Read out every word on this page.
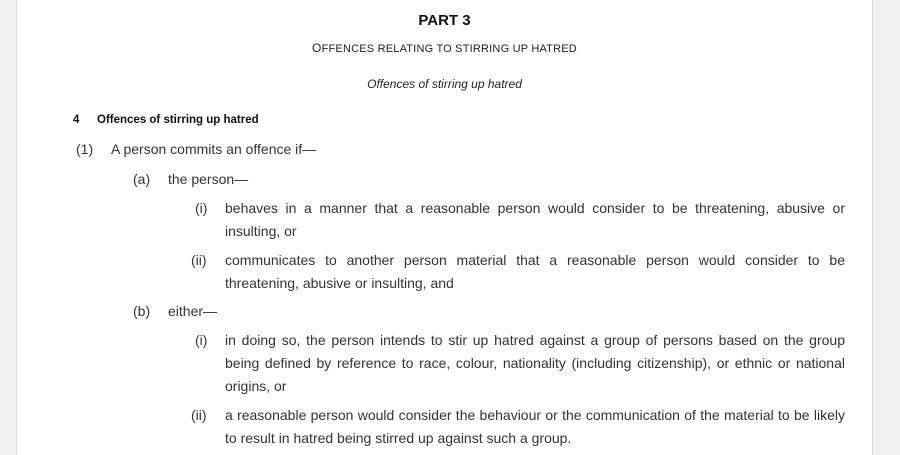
PART 3
OFFENCES RELATING TO STIRRING UP HATRED
Offences of stirring up hatred
4 Offences of stirring up hatred
(1) A person commits an offence if—
(a) the person—
(i) behaves in a manner that a reasonable person would consider to be threatening, abusive or insulting, or
(ii) communicates to another person material that a reasonable person would consider to be threatening, abusive or insulting, and
(b) either—
(i) in doing so, the person intends to stir up hatred against a group of persons based on the group being defined by reference to race, colour, nationality (including citizenship), or ethnic or national origins, or
(ii) a reasonable person would consider the behaviour or the communication of the material to be likely to result in hatred being stirred up against such a group.
